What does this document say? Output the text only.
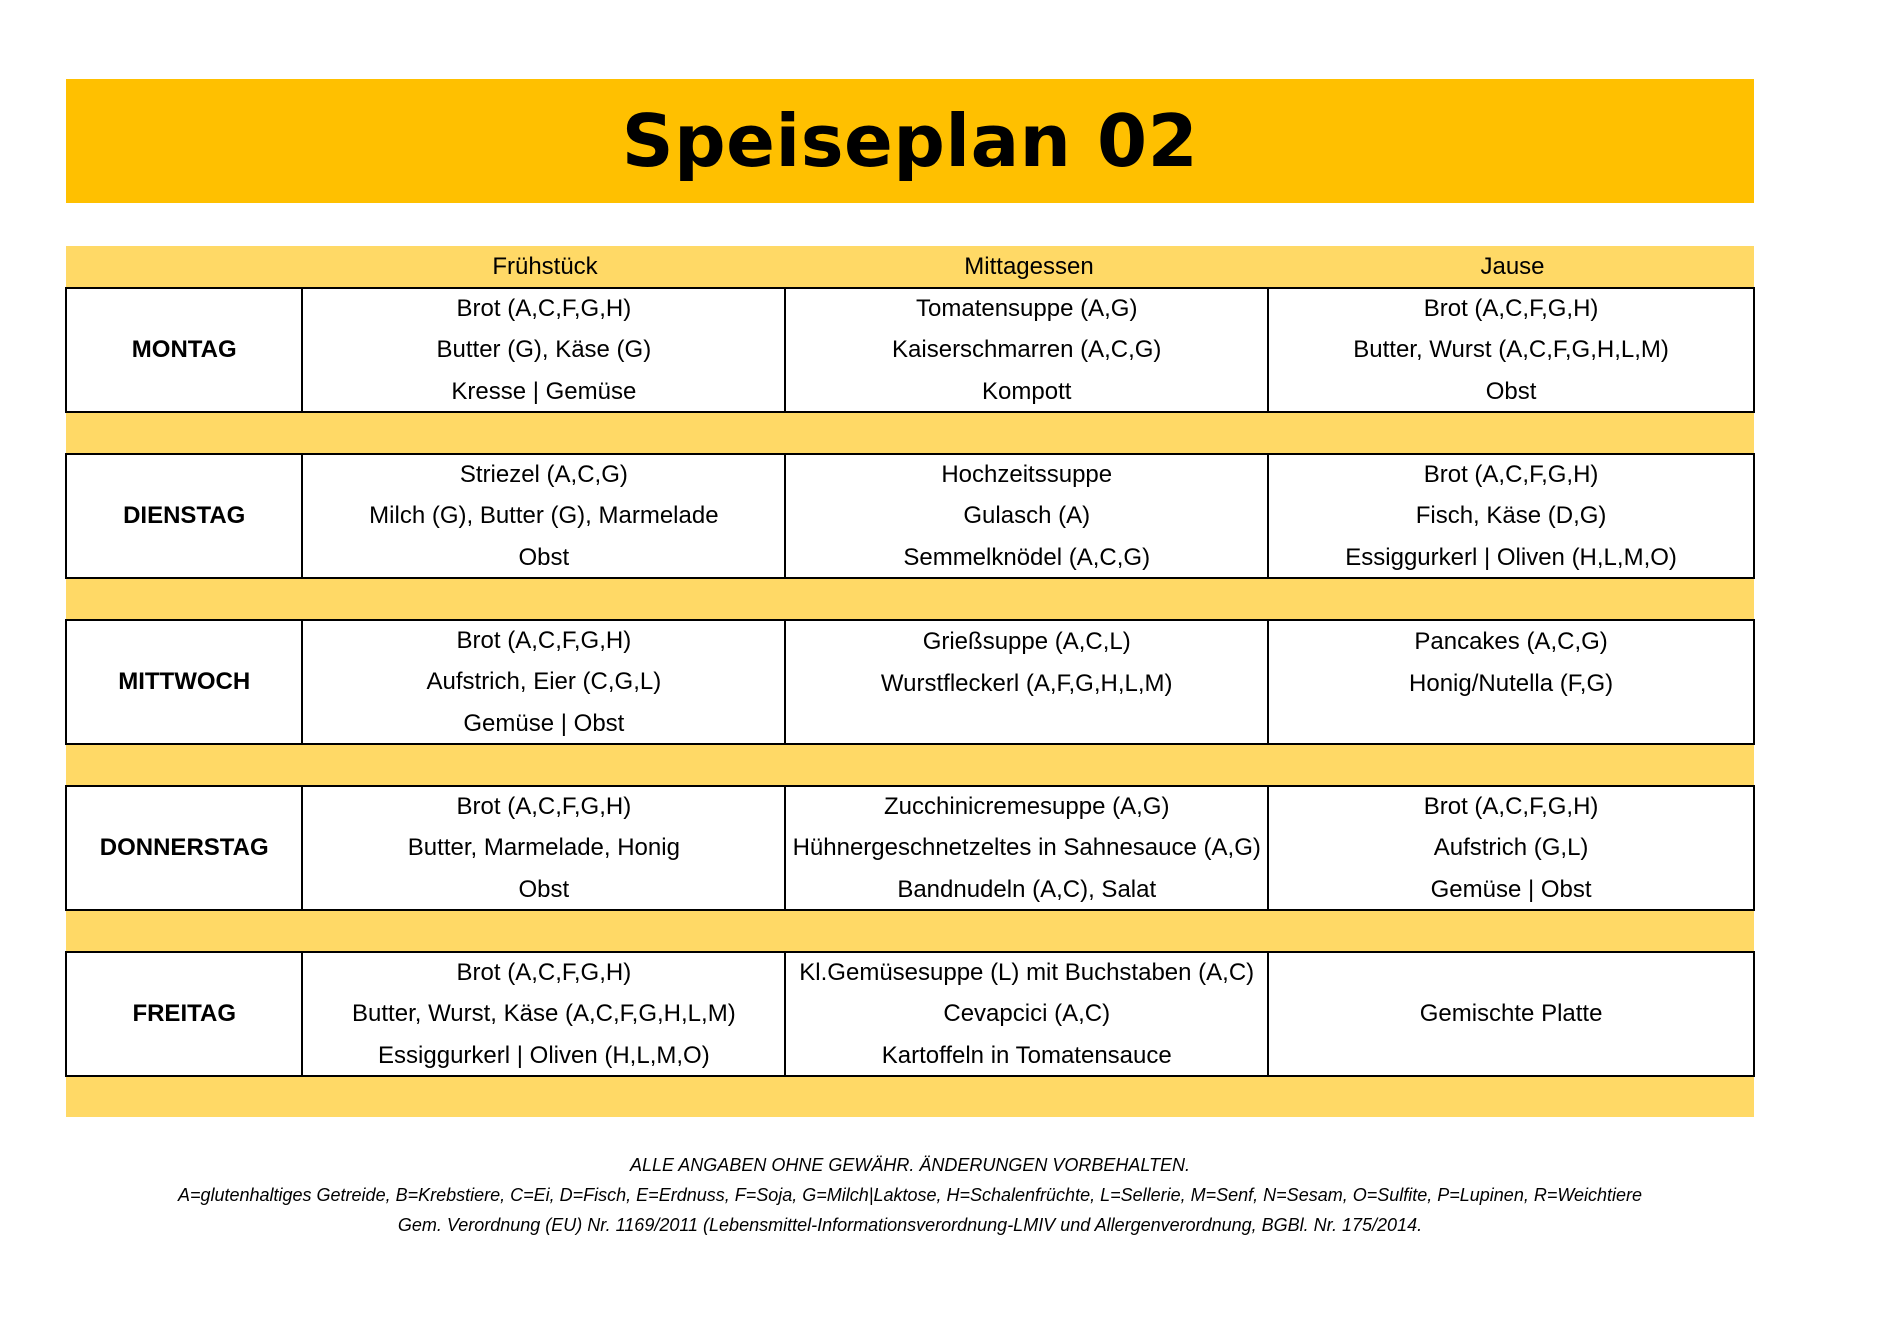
Speiseplan 02
Frühstück	Mittagessen	Jause
MONTAG
Brot (A,C,F,G,H)
Butter (G), Käse (G)
Kresse | Gemüse
Tomatensuppe (A,G)
Kaiserschmarren (A,C,G)
Kompott
Brot (A,C,F,G,H)
Butter, Wurst (A,C,F,G,H,L,M)
Obst
DIENSTAG
Striezel (A,C,G)
Milch (G), Butter (G), Marmelade
Obst
Hochzeitssuppe
Gulasch (A)
Semmelknödel (A,C,G)
Brot (A,C,F,G,H)
Fisch, Käse (D,G)
Essiggurkerl | Oliven (H,L,M,O)
MITTWOCH
Brot (A,C,F,G,H)
Aufstrich, Eier (C,G,L)
Gemüse | Obst
Grießsuppe (A,C,L)
Wurstfleckerl (A,F,G,H,L,M)
Pancakes (A,C,G)
Honig/Nutella (F,G)
DONNERSTAG
Brot (A,C,F,G,H)
Butter, Marmelade, Honig
Obst
Zucchinicremesuppe (A,G)
Hühnergeschnetzeltes in Sahnesauce (A,G)
Bandnudeln (A,C), Salat
Brot (A,C,F,G,H)
Aufstrich (G,L)
Gemüse | Obst
FREITAG
Brot (A,C,F,G,H)
Butter, Wurst, Käse (A,C,F,G,H,L,M)
Essiggurkerl | Oliven (H,L,M,O)
Kl.Gemüsesuppe (L) mit Buchstaben (A,C)
Cevapcici (A,C)
Kartoffeln in Tomatensauce
Gemischte Platte
ALLE ANGABEN OHNE GEWÄHR. ÄNDERUNGEN VORBEHALTEN.
A=glutenhaltiges Getreide, B=Krebstiere, C=Ei, D=Fisch, E=Erdnuss, F=Soja, G=Milch|Laktose, H=Schalenfrüchte, L=Sellerie, M=Senf, N=Sesam, O=Sulfite, P=Lupinen, R=Weichtiere
Gem. Verordnung (EU) Nr. 1169/2011 (Lebensmittel-Informationsverordnung-LMIV und Allergenverordnung, BGBl. Nr. 175/2014.
